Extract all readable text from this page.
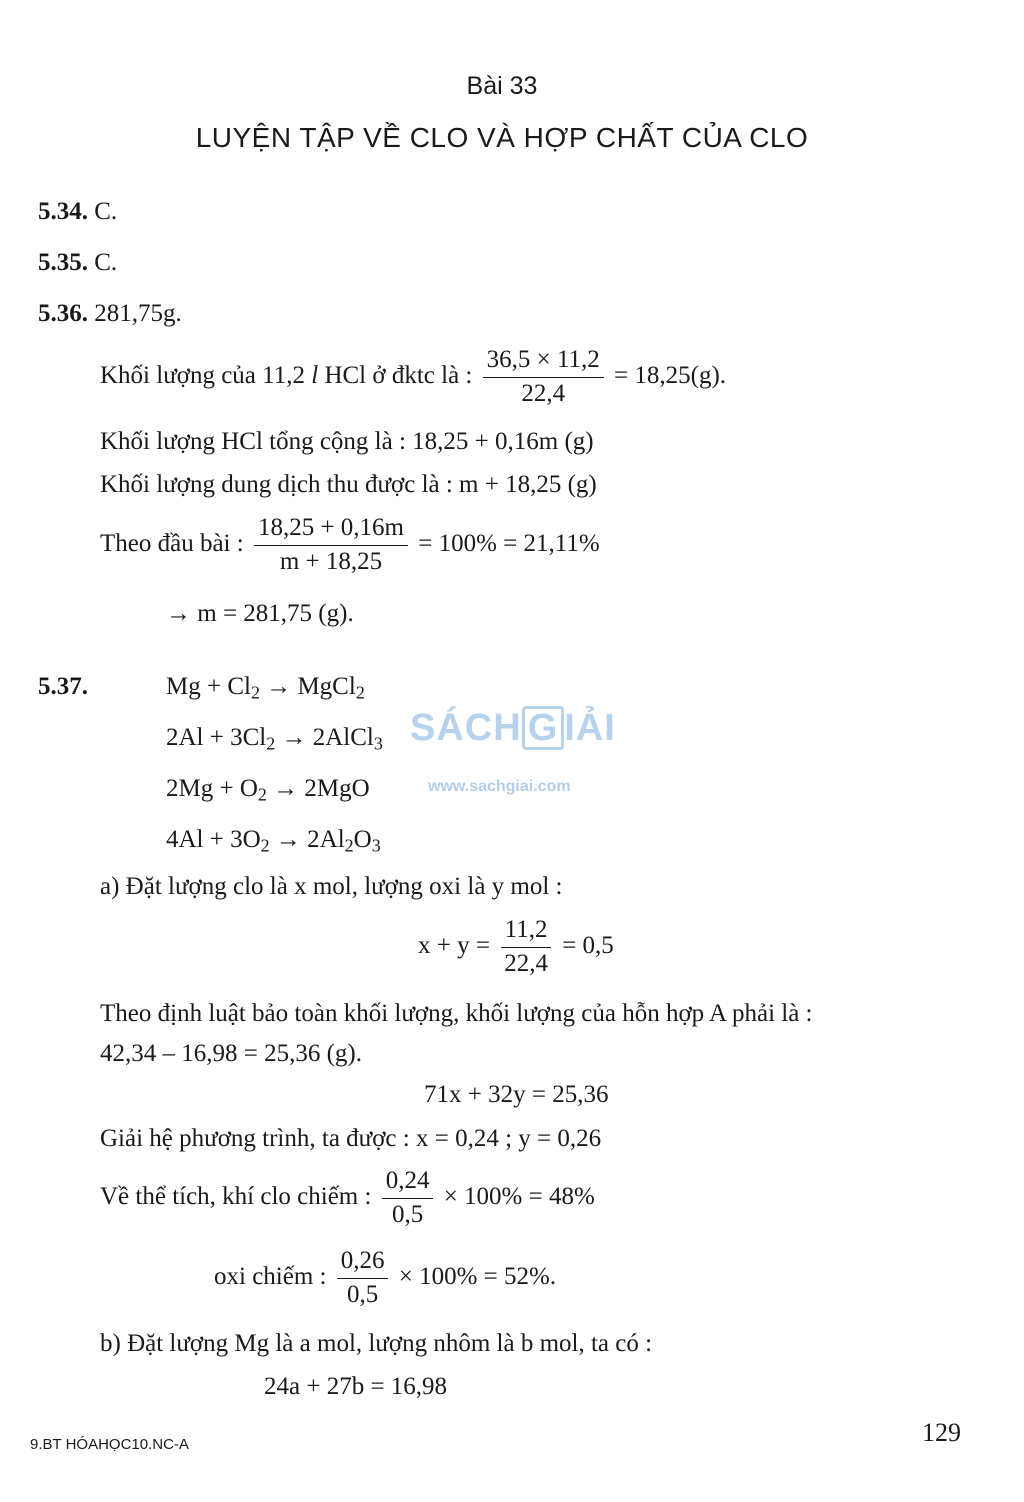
Bài 33
LUYỆN TẬP VỀ CLO VÀ HỢP CHẤT CỦA CLO
5.34. C.
5.35. C.
5.36. 281,75g.
Khối lượng của 11,2 l HCl ở đktc là : $\frac{36,5 \times 11,2}{22,4} = 18,25(g)$.
Khối lượng HCl tổng cộng là : 18,25 + 0,16m (g)
Khối lượng dung dịch thu được là : m + 18,25 (g)
Theo đầu bài : $\frac{18,25 + 0,16m}{m + 18,25} = 100\% = 21,11\%$
→ m = 281,75 (g).
5.37.	$Mg + Cl_2$ → MgCl$_2$
$2Al + 3Cl_2$ → 2AlCl$_3$
$2Mg + O_2 \to 2MgO$
$4Al + 3O_2 \to 2Al_2O_3$
SÁCH G IẢI
www.sachgiai.com
a) Đặt lượng clo là x mol, lượng oxi là y mol :
$x + y = \frac{11,2}{22,4} = 0,5$
Theo định luật bảo toàn khối lượng, khối lượng của hỗn hợp A phải là :
42,34 – 16,98 = 25,36 (g).
71x + 32y = 25,36
Giải hệ phương trình, ta được : x = 0,24 ; y = 0,26
Về thể tích, khí clo chiếm : $\frac{0,24}{0,5} \times 100\% = 48\%$
oxi chiếm : $\frac{0,26}{0,5} \times 100\% = 52\%$.
b) Đặt lượng Mg là a mol, lượng nhôm là b mol, ta có :
24a + 27b = 16,98
9.BT HÓAHỌC10.NC-A	129
